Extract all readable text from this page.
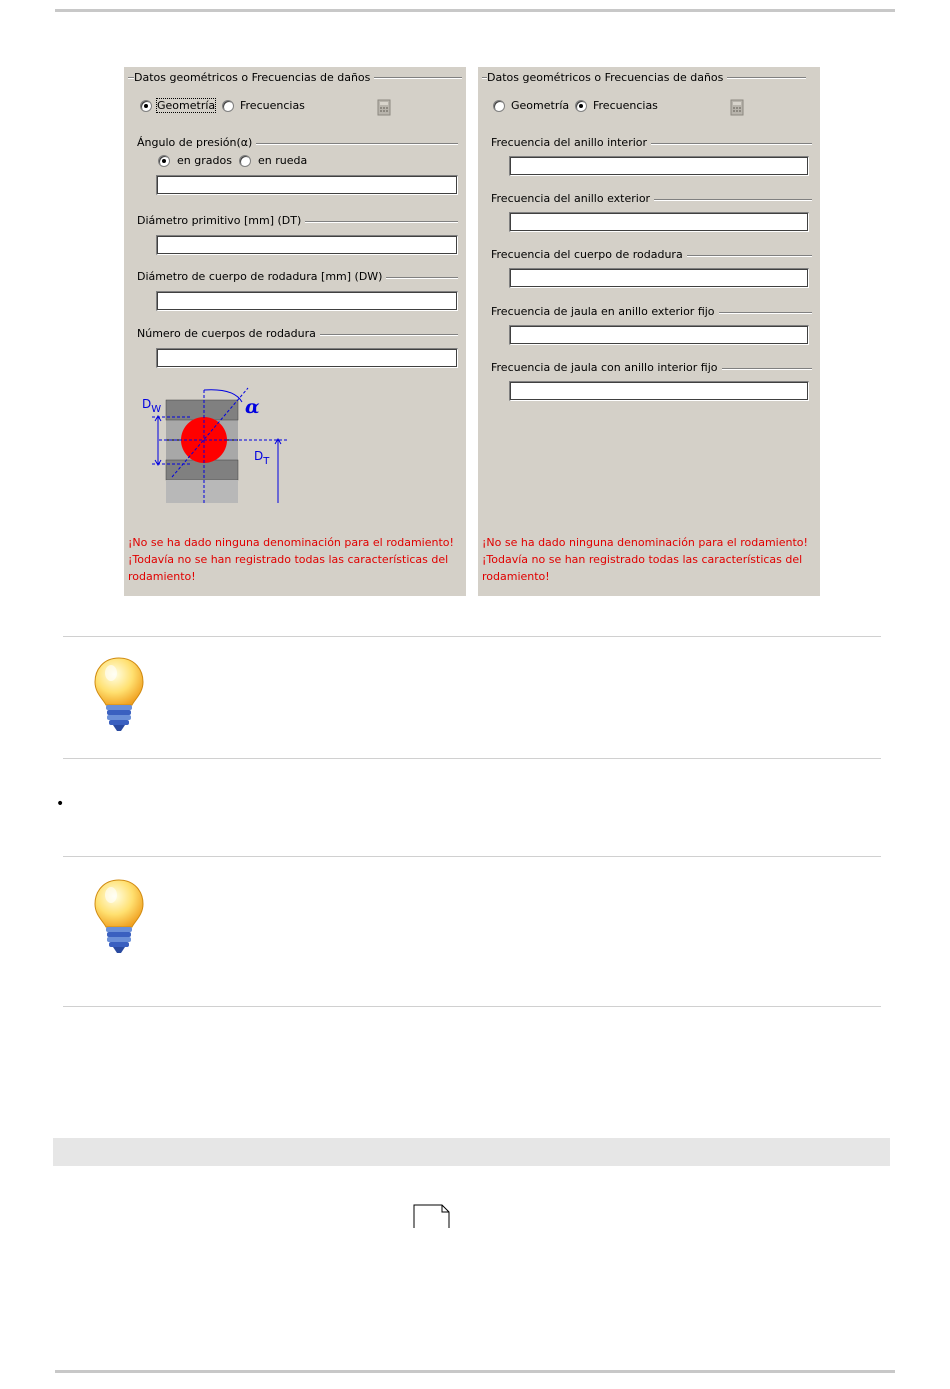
Datos geométricos o Frecuencias de daños
Geometría Frecuencias
Ángulo de presión(α)
en grados en rueda
Diámetro primitivo [mm] (DT)
Diámetro de cuerpo de rodadura [mm] (DW)
Número de cuerpos de rodadura
$D_W$
$D_T$
α
¡No se ha dado ninguna denominación para el rodamiento!
¡Todavía no se han registrado todas las características del rodamiento!
Datos geométricos o Frecuencias de daños
Geometría Frecuencias
Frecuencia del anillo interior
Frecuencia del anillo exterior
Frecuencia del cuerpo de rodadura
Frecuencia de jaula en anillo exterior fijo
Frecuencia de jaula con anillo interior fijo
¡No se ha dado ninguna denominación para el rodamiento!
¡Todavía no se han registrado todas las características del rodamiento!
•
